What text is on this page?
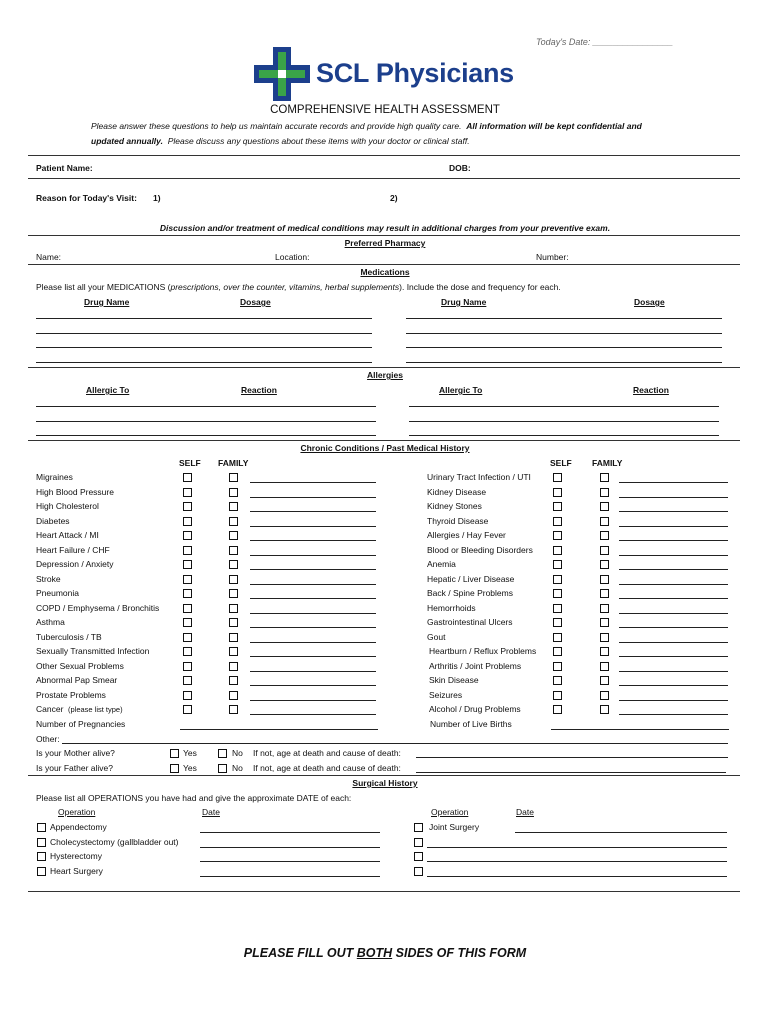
Today's Date: ________________
SCL Physicians
COMPREHENSIVE HEALTH ASSESSMENT
Please answer these questions to help us maintain accurate records and provide high quality care. All information will be kept confidential and
updated annually. Please discuss any questions about these items with your doctor or clinical staff.
Patient Name:	DOB:
Reason for Today's Visit: 1)	2)
Discussion and/or treatment of medical conditions may result in additional charges from your preventive exam.
Preferred Pharmacy
Name:	Location:	Number:
Medications
Please list all your MEDICATIONS (prescriptions, over the counter, vitamins, herbal supplements). Include the dose and frequency for each.
Drug Name	Dosage	Drug Name	Dosage
Allergies
Allergic To	Reaction	Allergic To	Reaction
Chronic Conditions / Past Medical History
SELF FAMILY	SELF FAMILY
Migraines	Urinary Tract Infection / UTI
High Blood Pressure	Kidney Disease
High Cholesterol	Kidney Stones
Diabetes	Thyroid Disease
Heart Attack / MI	Allergies / Hay Fever
Heart Failure / CHF	Blood or Bleeding Disorders
Depression / Anxiety	Anemia
Stroke	Hepatic / Liver Disease
Pneumonia	Back / Spine Problems
COPD / Emphysema / Bronchitis	Hemorrhoids
Asthma	Gastrointestinal Ulcers
Tuberculosis / TB	Gout
Sexually Transmitted Infection	Heartburn / Reflux Problems
Other Sexual Problems	Arthritis / Joint Problems
Abnormal Pap Smear	Skin Disease
Prostate Problems	Seizures
Cancer (please list type)	Alcohol / Drug Problems
Number of Pregnancies	Number of Live Births
Other:
Is your Mother alive?	Yes	No If not, age at death and cause of death:
Is your Father alive?	Yes	No If not, age at death and cause of death:
Surgical History
Please list all OPERATIONS you have had and give the approximate DATE of each:
Operation	Date	Operation	Date
Appendectomy	Joint Surgery
Cholecystectomy (gallbladder out)
Hysterectomy
Heart Surgery
PLEASE FILL OUT BOTH SIDES OF THIS FORM
